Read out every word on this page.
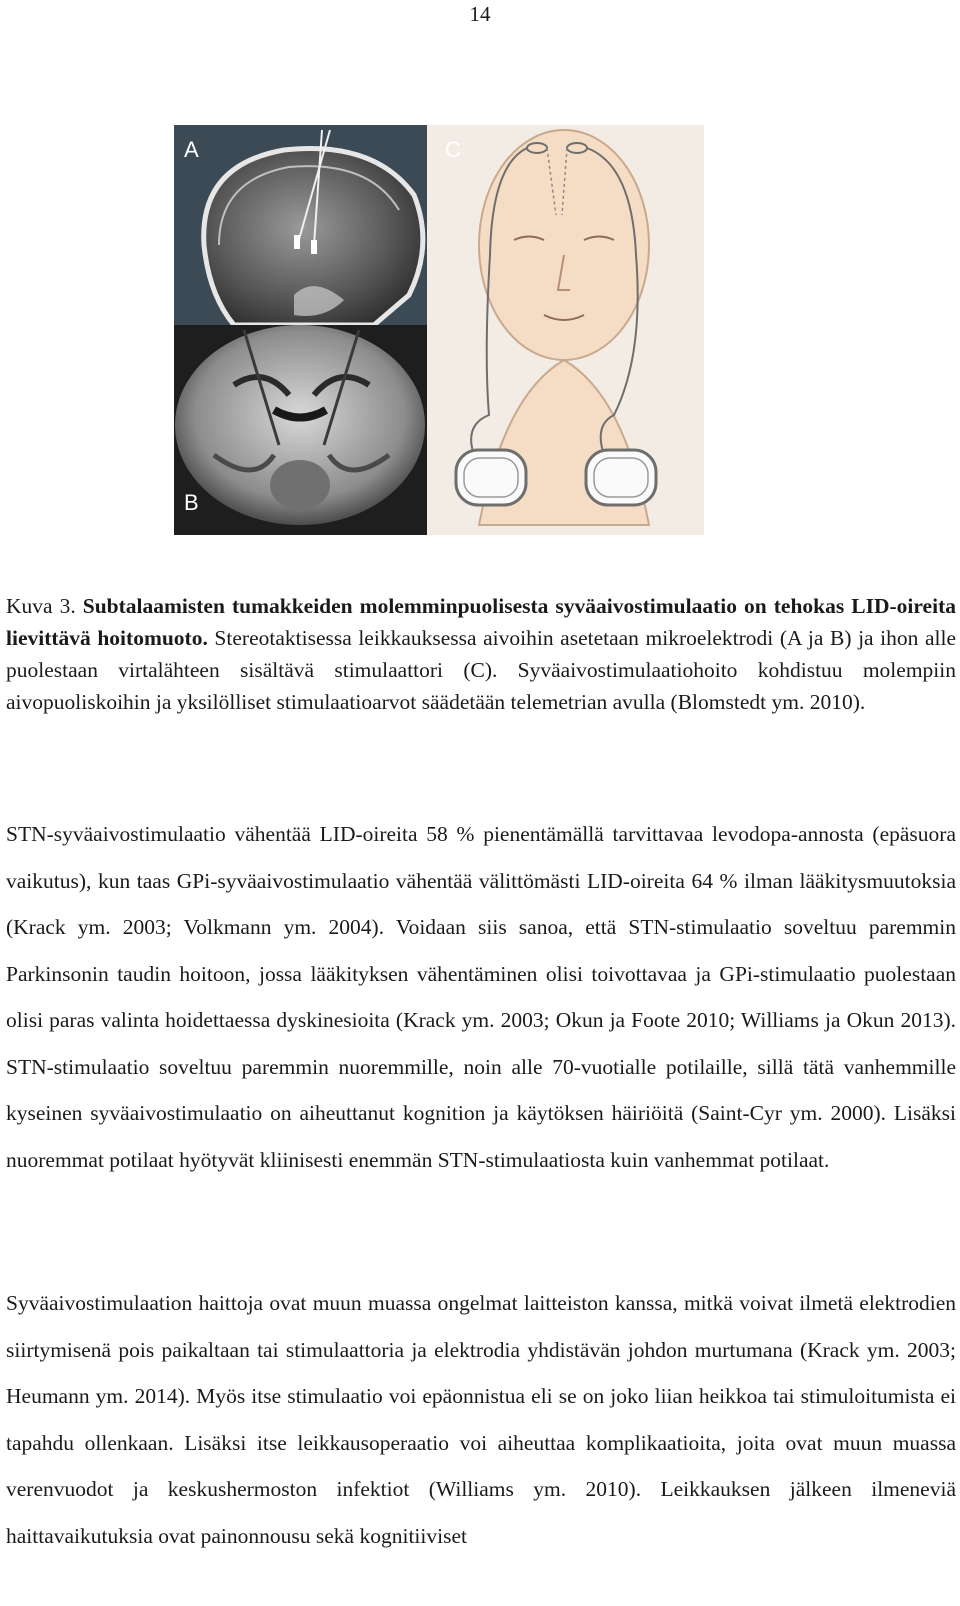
14
A
B
C

Kuva 3. Subtalaamisten tumakkeiden molemminpuolisesta syväaivostimulaatio on tehokas LID-oireita lievittävä hoitomuoto. Stereotaktisessa leikkauksessa aivoihin asetetaan mikroelektrodi (A ja B) ja ihon alle puolestaan virtalähteen sisältävä stimulaattori (C). Syväaivostimulaatiohoito kohdistuu molempiin aivopuoliskoihin ja yksilölliset stimulaatioarvot säädetään telemetrian avulla (Blomstedt ym. 2010).

STN-syväaivostimulaatio vähentää LID-oireita 58 % pienentämällä tarvittavaa levodopa-annosta (epäsuora vaikutus), kun taas GPi-syväaivostimulaatio vähentää välittömästi LID-oireita 64 % ilman lääkitysmuutoksia (Krack ym. 2003; Volkmann ym. 2004). Voidaan siis sanoa, että STN-stimulaatio soveltuu paremmin Parkinsonin taudin hoitoon, jossa lääkityksen vähentäminen olisi toivottavaa ja GPi-stimulaatio puolestaan olisi paras valinta hoidettaessa dyskinesioita (Krack ym. 2003; Okun ja Foote 2010; Williams ja Okun 2013). STN-stimulaatio soveltuu paremmin nuoremmille, noin alle 70-vuotialle potilaille, sillä tätä vanhemmille kyseinen syväaivostimulaatio on aiheuttanut kognition ja käytöksen häiriöitä (Saint-Cyr ym. 2000). Lisäksi nuoremmat potilaat hyötyvät kliinisesti enemmän STN-stimulaatiosta kuin vanhemmat potilaat.

Syväaivostimulaation haittoja ovat muun muassa ongelmat laitteiston kanssa, mitkä voivat ilmetä elektrodien siirtymisenä pois paikaltaan tai stimulaattoria ja elektrodia yhdistävän johdon murtumana (Krack ym. 2003; Heumann ym. 2014). Myös itse stimulaatio voi epäonnistua eli se on joko liian heikkoa tai stimuloitumista ei tapahdu ollenkaan. Lisäksi itse leikkausoperaatio voi aiheuttaa komplikaatioita, joita ovat muun muassa verenvuodot ja keskushermoston infektiot (Williams ym. 2010). Leikkauksen jälkeen ilmeneviä haittavaikutuksia ovat painonnousu sekä kognitiiviset
